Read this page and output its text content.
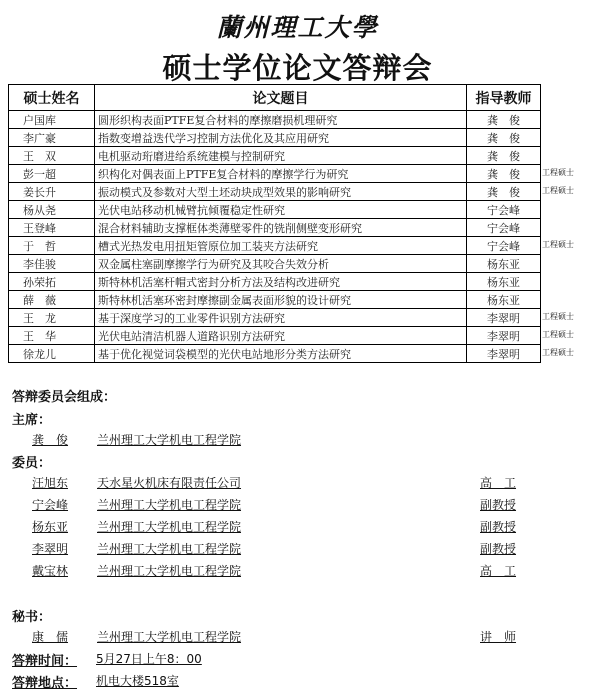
蘭州理工大學
硕士学位论文答辩会
硕士姓名	论文题目	指导教师
户国库	圆形织构表面PTFE复合材料的摩擦磨损机理研究	龚　俊
李广豪	指数变增益迭代学习控制方法优化及其应用研究	龚　俊
王　双	电机驱动珩磨进给系统建模与控制研究	龚　俊
彭一超	织构化对偶表面上PTFE复合材料的摩擦学行为研究	龚　俊
姜长升	振动模式及参数对大型土坯动块成型效果的影响研究	龚　俊
杨从尧	光伏电站移动机械臂抗倾覆稳定性研究	宁会峰
王登峰	混合材料辅助支撑框体类薄壁零件的铣削侧壁变形研究	宁会峰
于　哲	槽式光热发电用扭矩管原位加工装夹方法研究	宁会峰
李佳骏	双金属柱塞副摩擦学行为研究及其咬合失效分析	杨东亚
孙荣拓	斯特林机活塞杆帽式密封分析方法及结构改进研究	杨东亚
薛　薇	斯特林机活塞环密封摩擦副金属表面形貌的设计研究	杨东亚
王　龙	基于深度学习的工业零件识别方法研究	李翠明
王　华	光伏电站清洁机器人道路识别方法研究	李翠明
徐龙儿	基于优化视觉词袋模型的光伏电站地形分类方法研究	李翠明
工程硕士
工程硕士
工程硕士
工程硕士
工程硕士
工程硕士
答辩委员会组成：
主席：
龚　俊 兰州理工大学机电工程学院
委员：
汪旭东 天水星火机床有限责任公司	高　工
宁会峰 兰州理工大学机电工程学院	副教授
杨东亚 兰州理工大学机电工程学院	副教授
李翠明 兰州理工大学机电工程学院	副教授
戴宝林 兰州理工大学机电工程学院	高　工
秘书：
康　儒 兰州理工大学机电工程学院	讲　师
答辩时间： 5月27日上午8：00
答辩地点： 机电大楼518室
